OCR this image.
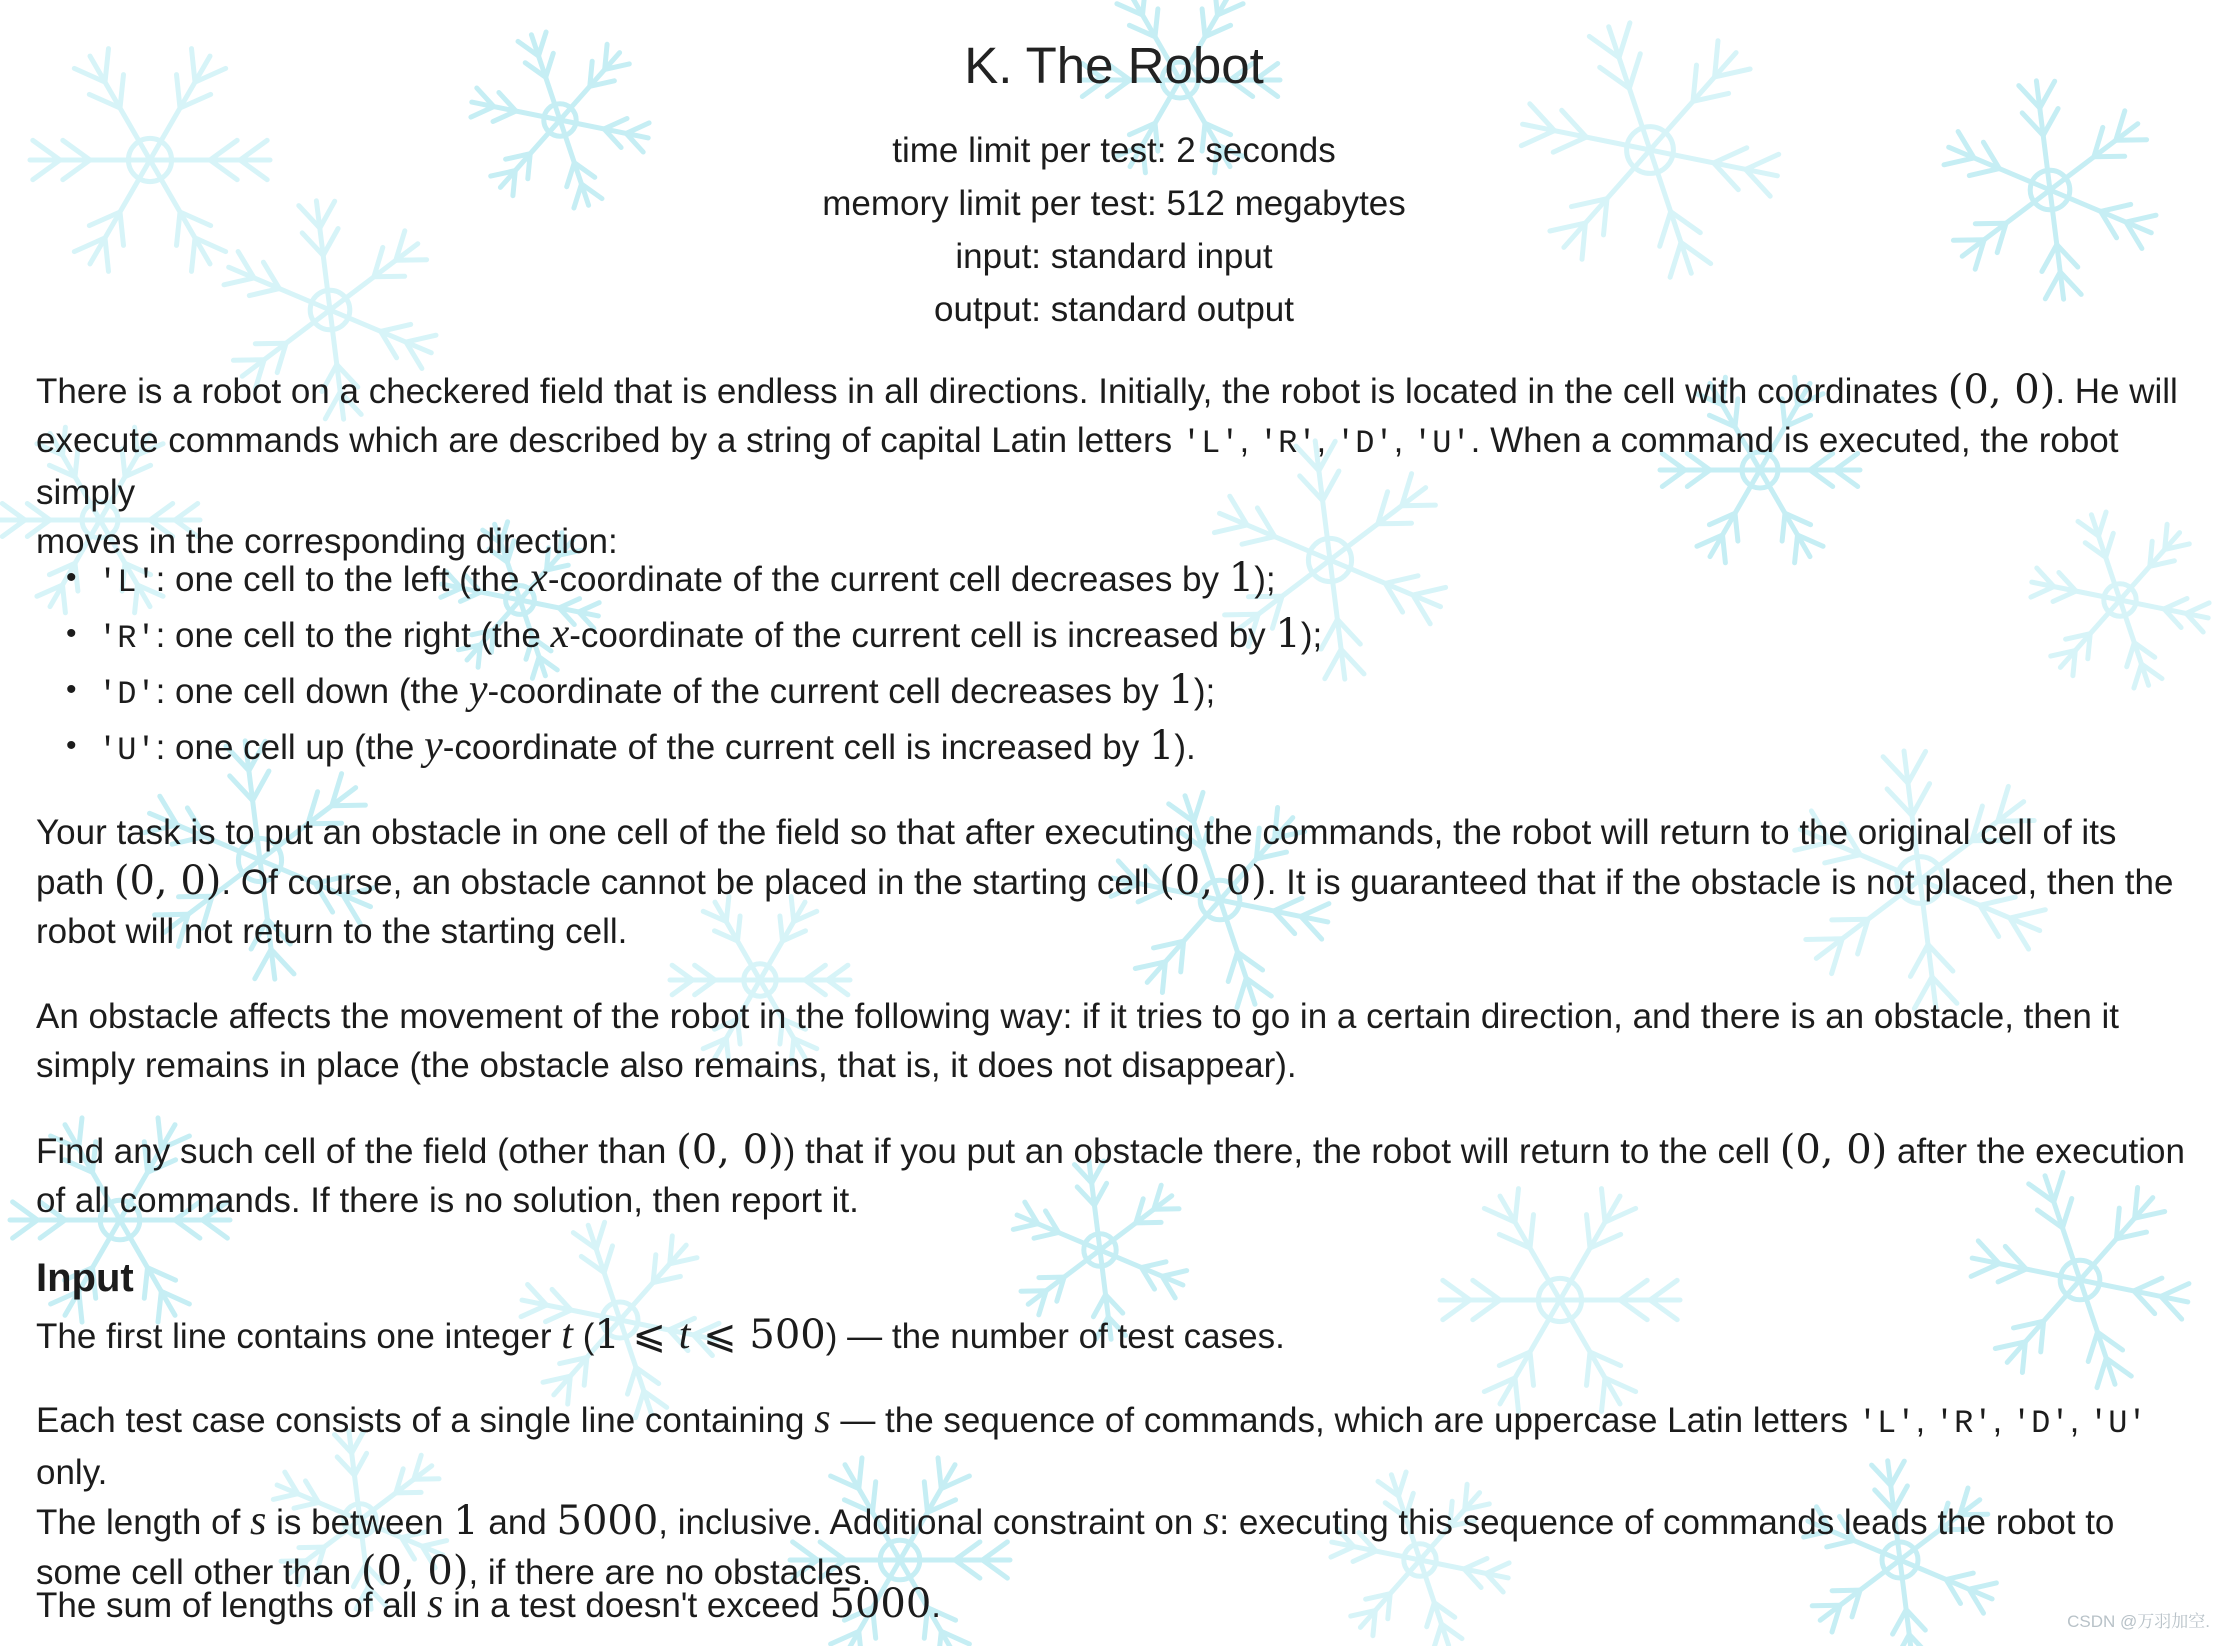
K. The Robot
time limit per test: 2 seconds
memory limit per test: 512 megabytes
input: standard input
output: standard output
There is a robot on a checkered field that is endless in all directions. Initially, the robot is located in the cell with coordinates (0, 0). He will
execute commands which are described by a string of capital Latin letters 'L', 'R', 'D', 'U'. When a command is executed, the robot simply
moves in the corresponding direction:
• 'L': one cell to the left (the x-coordinate of the current cell decreases by 1);
• 'R': one cell to the right (the x-coordinate of the current cell is increased by 1);
• 'D': one cell down (the y-coordinate of the current cell decreases by 1);
• 'U': one cell up (the y-coordinate of the current cell is increased by 1).
Your task is to put an obstacle in one cell of the field so that after executing the commands, the robot will return to the original cell of its
path (0, 0). Of course, an obstacle cannot be placed in the starting cell (0, 0). It is guaranteed that if the obstacle is not placed, then the
robot will not return to the starting cell.
An obstacle affects the movement of the robot in the following way: if it tries to go in a certain direction, and there is an obstacle, then it
simply remains in place (the obstacle also remains, that is, it does not disappear).
Find any such cell of the field (other than (0, 0)) that if you put an obstacle there, the robot will return to the cell (0, 0) after the execution
of all commands. If there is no solution, then report it.
Input
The first line contains one integer t (1 ⩽ t ⩽ 500) — the number of test cases.
Each test case consists of a single line containing s — the sequence of commands, which are uppercase Latin letters 'L', 'R', 'D', 'U' only.
The length of s is between 1 and 5000, inclusive. Additional constraint on s: executing this sequence of commands leads the robot to
some cell other than (0, 0), if there are no obstacles.
The sum of lengths of all s in a test doesn't exceed 5000.	CSDN @万羽加空.
